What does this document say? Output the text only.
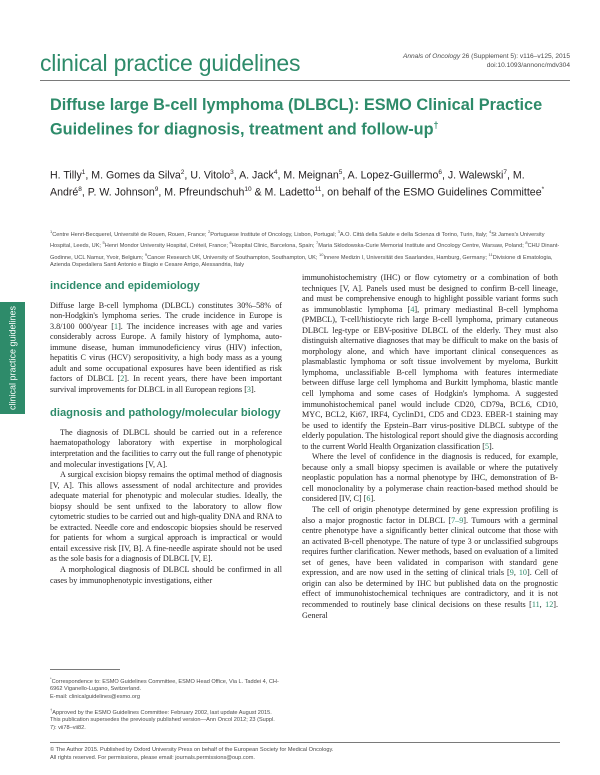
clinical practice guidelines	Annals of Oncology 26 (Supplement 5): v116–v125, 2015
doi:10.1093/annonc/mdv304
clinical practice guidelines
Diffuse large B-cell lymphoma (DLBCL): ESMO Clinical Practice Guidelines for diagnosis, treatment and follow-up†
H. Tilly$^1$, M. Gomes da Silva$^2$, U. Vitolo$^3$, A. Jack$^4$, M. Meignan$^5$, A. Lopez-Guillermo$^6$, J. Walewski$^7$, M. André$^8$, P. W. Johnson$^9$, M. Pfreundschuh$^{10}$ & M. Ladetto$^{11}$, on behalf of the ESMO Guidelines Committee*
$^1$Centre Henri-Becquerel, Université de Rouen, Rouen, France; $^2$Portuguese Institute of Oncology, Lisbon, Portugal; $^3$A.O. Città della Salute e della Scienza di Torino, Turin, Italy; $^4$St James's University Hospital, Leeds, UK; $^5$Henri Mondor University Hospital, Créteil, France; $^6$Hospital Clinic, Barcelona, Spain; $^7$Maria Sklodowska-Curie Memorial Institute and Oncology Centre, Warsaw, Poland; $^8$CHU Dinant-Godinne, UCL Namur, Yvoir, Belgium; $^9$Cancer Research UK, University of Southampton, Southampton, UK; $^{10}$Innere Medizin I, Universität des Saarlandes, Hamburg, Germany; $^{11}$Divisione di Ematologia, Azienda Ospedaliera Santi Antonio e Biagio e Cesare Arrigo, Alessandria, Italy
incidence and epidemiology

Diffuse large B-cell lymphoma (DLBCL) constitutes 30%–58% of non-Hodgkin's lymphoma series. The crude incidence in Europe is 3.8/100 000/year [1]. The incidence increases with age and varies considerably across Europe. A family history of lymphoma, auto-immune disease, human immunodeficiency virus (HIV) infection, hepatitis C virus (HCV) seropositivity, a high body mass as a young adult and some occupational exposures have been identified as risk factors of DLBCL [2]. In recent years, there have been important survival improvements for DLBCL in all European regions [3].

diagnosis and pathology/molecular biology

The diagnosis of DLBCL should be carried out in a reference haematopathology laboratory with expertise in morphological interpretation and the facilities to carry out the full range of phenotypic and molecular investigations [V, A].

A surgical excision biopsy remains the optimal method of diagnosis [V, A]. This allows assessment of nodal architecture and provides adequate material for phenotypic and molecular studies. Ideally, the biopsy should be sent unfixed to the laboratory to allow flow cytometric studies to be carried out and high-quality DNA and RNA to be extracted. Needle core and endoscopic biopsies should be reserved for patients for whom a surgical approach is impractical or would entail excessive risk [IV, B]. A fine-needle aspirate should not be used as the sole basis for a diagnosis of DLBCL [V, E].

A morphological diagnosis of DLBCL should be confirmed in all cases by immunophenotypic investigations, either

immunohistochemistry (IHC) or flow cytometry or a combination of both techniques [V, A]. Panels used must be designed to confirm B-cell lineage, and must be comprehensive enough to highlight possible variant forms such as immunoblastic lymphoma [4], primary mediastinal B-cell lymphoma (PMBCL), T-cell/histiocyte rich large B-cell lymphoma, primary cutaneous DLBCL leg-type or EBV-positive DLBCL of the elderly. They must also distinguish alternative diagnoses that may be difficult to make on the basis of morphology alone, and which have important clinical consequences as plasmablastic lymphoma or soft tissue involvement by myeloma, Burkitt lymphoma, unclassifiable B-cell lymphoma with features intermediate between diffuse large cell lymphoma and Burkitt lymphoma, blastic mantle cell lymphoma and some cases of Hodgkin's lymphoma. A suggested immunohistochemical panel would include CD20, CD79a, BCL6, CD10, MYC, BCL2, Ki67, IRF4, CyclinD1, CD5 and CD23. EBER-1 staining may be used to identify the Epstein–Barr virus-positive DLBCL subtype of the elderly population. The histological report should give the diagnosis according to the current World Health Organization classification [5].

Where the level of confidence in the diagnosis is reduced, for example, because only a small biopsy specimen is available or where the putatively neoplastic population has a normal phenotype by IHC, demonstration of B-cell monoclonality by a polymerase chain reaction-based method should be considered [IV, C] [6].

The cell of origin phenotype determined by gene expression profiling is also a major prognostic factor in DLBCL [7–9]. Tumours with a germinal centre phenotype have a significantly better clinical outcome that those with an activated B-cell phenotype. The nature of type 3 or unclassified subgroups requires further clarification. Newer methods, based on evaluation of a limited set of genes, have been validated in comparison with standard gene expression, and are now used in the setting of clinical trials [9, 10]. Cell of origin can also be determined by IHC but published data on the prognostic effect of immunohistochemical techniques are contradictory, and it is not recommended to routinely base clinical decisions on these results [11, 12]. General

*Correspondence to: ESMO Guidelines Committee, ESMO Head Office, Via L. Taddei 4, CH-6962 Viganello-Lugano, Switzerland.
E-mail: clinicalguidelines@esmo.org
†Approved by the ESMO Guidelines Committee: February 2002, last update August 2015.
This publication supersedes the previously published version—Ann Oncol 2012; 23 (Suppl. 7): vii78–vii82.
© The Author 2015. Published by Oxford University Press on behalf of the European Society for Medical Oncology.
All rights reserved. For permissions, please email: journals.permissions@oup.com.
